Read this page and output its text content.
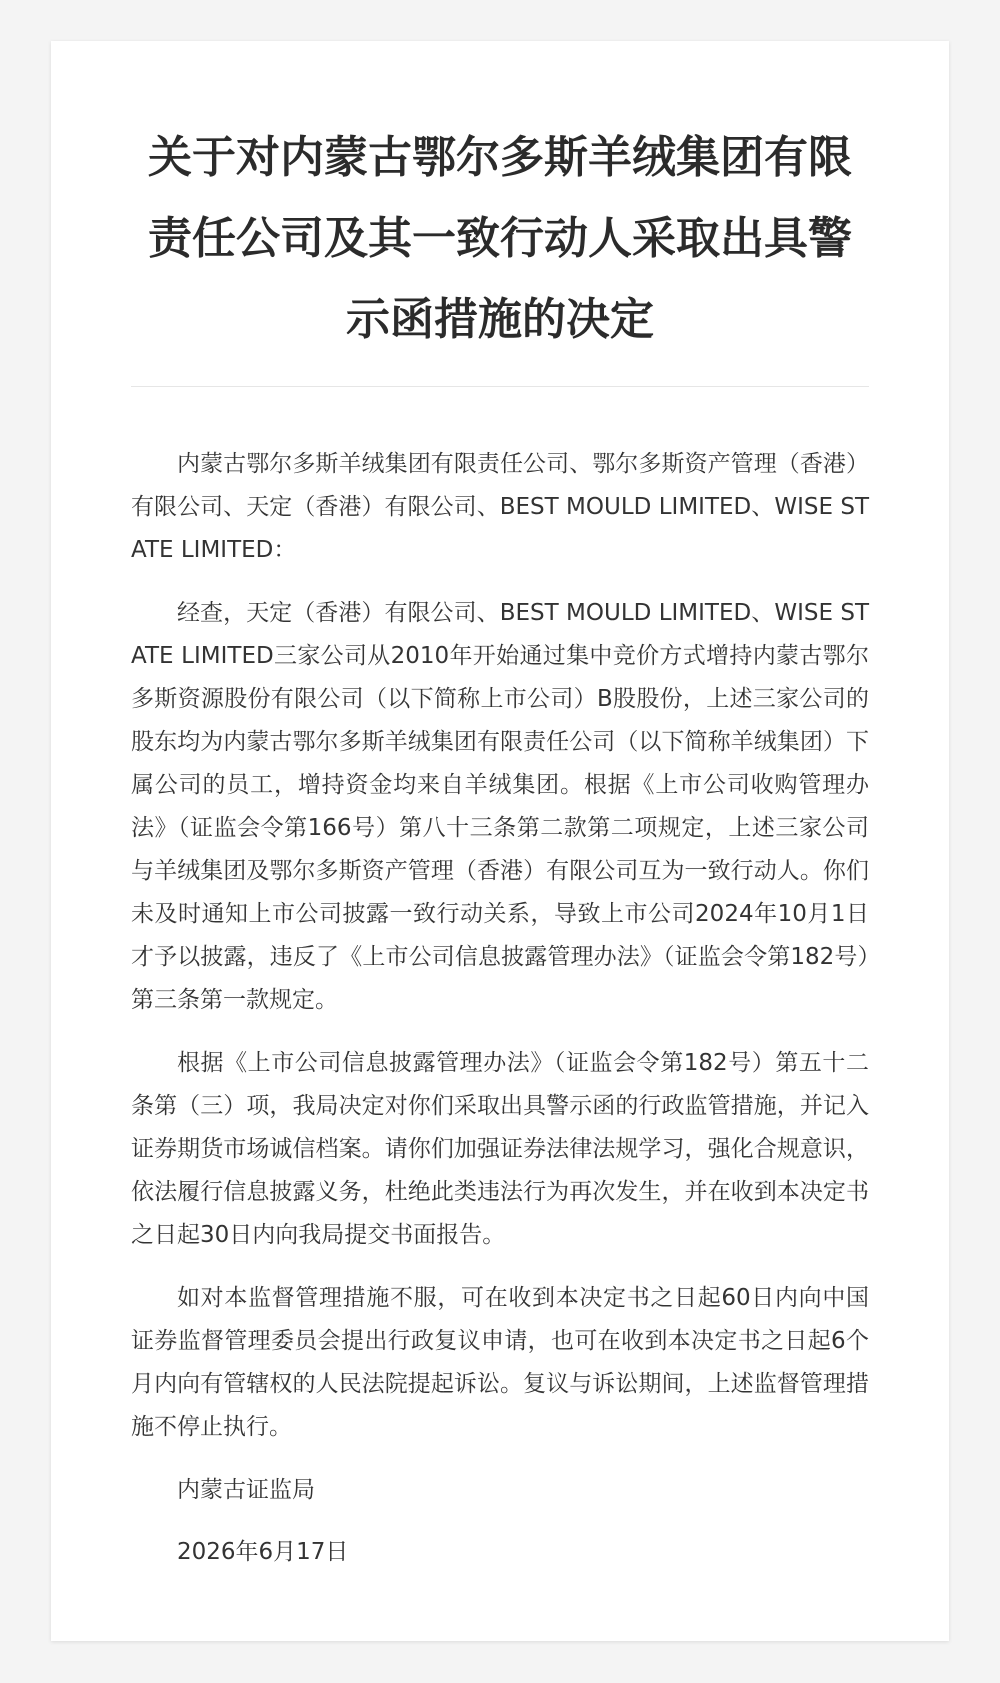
关于对内蒙古鄂尔多斯羊绒集团有限责任公司及其一致行动人采取出具警示函措施的决定

内蒙古鄂尔多斯羊绒集团有限责任公司、鄂尔多斯资产管理（香港）有限公司、天定（香港）有限公司、BEST MOULD LIMITED、WISE STATE LIMITED：

经查，天定（香港）有限公司、BEST MOULD LIMITED、WISE STATE LIMITED三家公司从2010年开始通过集中竞价方式增持内蒙古鄂尔多斯资源股份有限公司（以下简称上市公司）B股股份，上述三家公司的股东均为内蒙古鄂尔多斯羊绒集团有限责任公司（以下简称羊绒集团）下属公司的员工，增持资金均来自羊绒集团。根据《上市公司收购管理办法》（证监会令第166号）第八十三条第二款第二项规定，上述三家公司与羊绒集团及鄂尔多斯资产管理（香港）有限公司互为一致行动人。你们未及时通知上市公司披露一致行动关系，导致上市公司2024年10月1日才予以披露，违反了《上市公司信息披露管理办法》（证监会令第182号）第三条第一款规定。

根据《上市公司信息披露管理办法》（证监会令第182号）第五十二条第（三）项，我局决定对你们采取出具警示函的行政监管措施，并记入证券期货市场诚信档案。请你们加强证券法律法规学习，强化合规意识，依法履行信息披露义务，杜绝此类违法行为再次发生，并在收到本决定书之日起30日内向我局提交书面报告。

如对本监督管理措施不服，可在收到本决定书之日起60日内向中国证券监督管理委员会提出行政复议申请，也可在收到本决定书之日起6个月内向有管辖权的人民法院提起诉讼。复议与诉讼期间，上述监督管理措施不停止执行。

内蒙古证监局

2026年6月17日
